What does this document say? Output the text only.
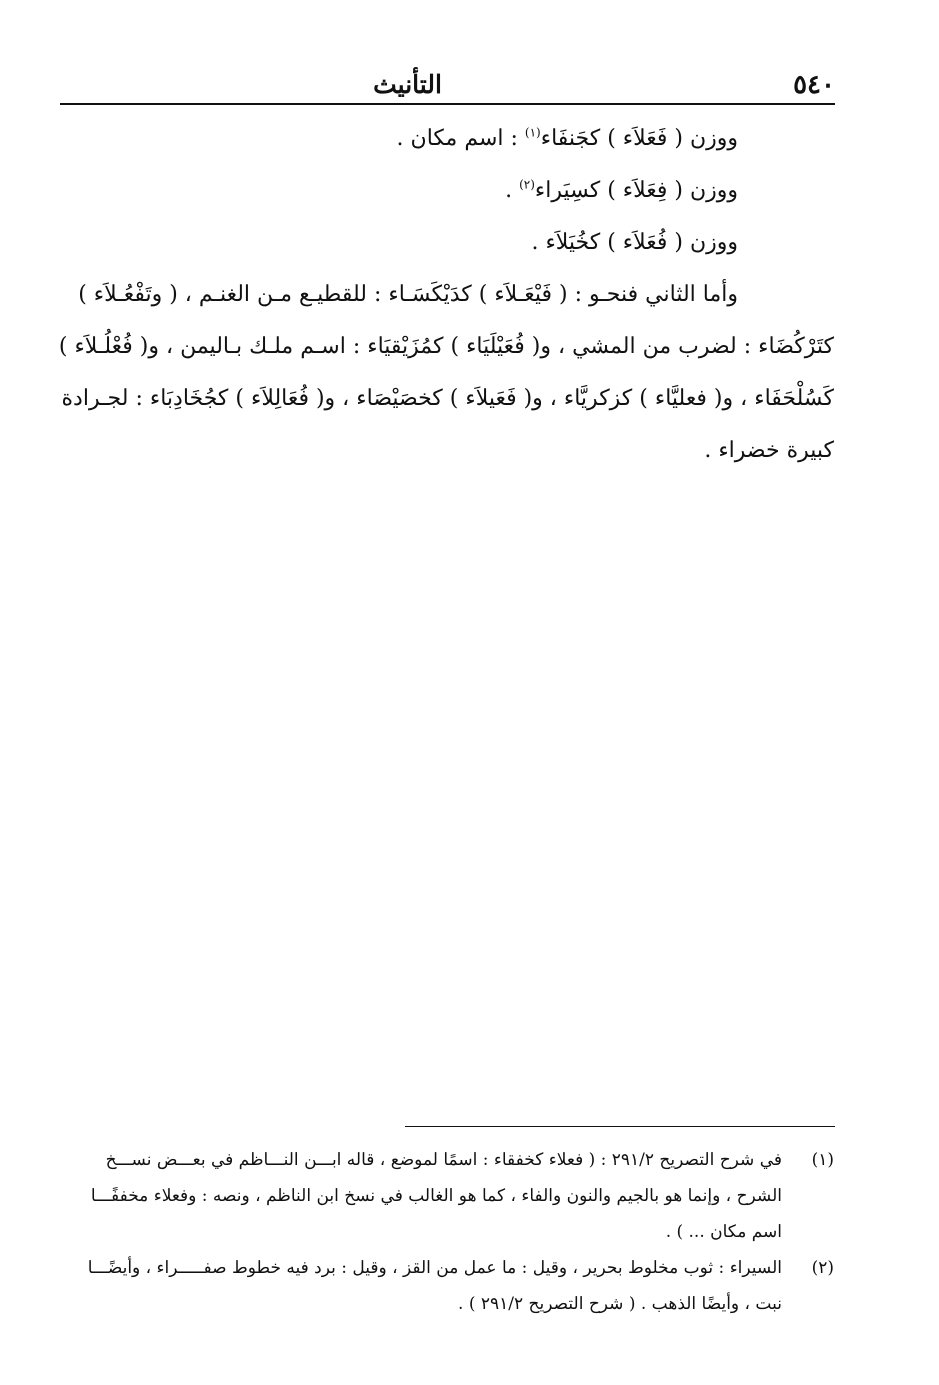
٥٤٠
التأنيث

ووزن ( فَعَلاَء ) كجَنفَاء$^{(١)}$ : اسم مكان .

ووزن ( فِعَلاَء ) كسِيَراء$^{(٢)}$ .

ووزن ( فُعَلاَء ) كخُيَلاَء .

وأما الثاني فنحـو : ( فَيْعَـلاَء ) كدَيْكَسَـاء : للقطيـع مـن الغنـم ، ( وتَفْعُـلاَء )

كتَرْكُضَاء : لضرب من المشي ، و( فُعَيْلَيَاء ) كمُزَيْقيَاء : اسـم ملـك بـاليمن ، و( فُعْلُـلاَء )

كَسُلْحَفَاء ، و( فعليَّاء ) كزكريَّاء ، و( فَعَيلاَء ) كخصَيْصَاء ، و( فُعَالِلاَء ) كجُخَادِبَاء : لجـرادة

كبيرة خضراء .

(١)
في شرح التصريح ٢٩١/٢ : ( فعلاء كخفقاء : اسمًا لموضع ، قاله ابـــن النـــاظم في بعـــض نســـخ
الشرح ، وإنما هو بالجيم والنون والفاء ، كما هو الغالب في نسخ ابن الناظم ، ونصه : وفعلاء مخففًـــا
اسم مكان ... ) .
(٢)
السيراء : ثوب مخلوط بحرير ، وقيل : ما عمل من القز ، وقيل : برد فيه خطوط صفـــــراء ، وأيضًـــا
نبت ، وأيضًا الذهب . ( شرح التصريح ٢٩١/٢ ) .
